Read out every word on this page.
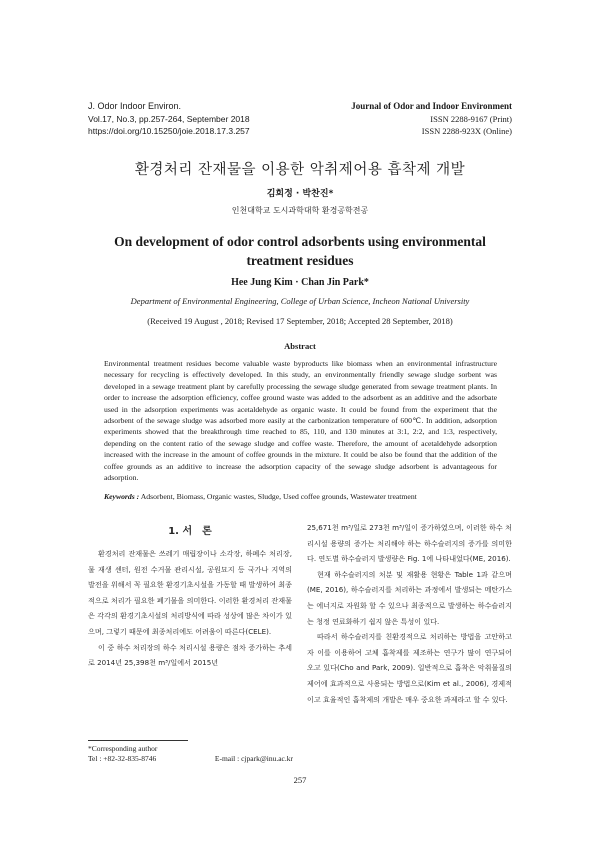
J. Odor Indoor Environ.
Vol.17, No.3, pp.257-264, September 2018
https://doi.org/10.15250/joie.2018.17.3.257
Journal of Odor and Indoor Environment
ISSN 2288-9167 (Print)
ISSN 2288-923X (Online)
환경처리 잔재물을 이용한 악취제어용 흡착제 개발
김희정 · 박찬진*
인천대학교 도시과학대학 환경공학전공
On development of odor control adsorbents using environmental treatment residues
Hee Jung Kim · Chan Jin Park*
Department of Environmental Engineering, College of Urban Science, Incheon National University
(Received 19 August , 2018; Revised 17 September, 2018; Accepted 28 September, 2018)
Abstract
Environmental treatment residues become valuable waste byproducts like biomass when an environmental infrastructure necessary for recycling is effectively developed. In this study, an environmentally friendly sewage sludge sorbent was developed in a sewage treatment plant by carefully processing the sewage sludge generated from sewage treatment plants. In order to increase the adsorption efficiency, coffee ground waste was added to the adsorbent as an additive and the adsorbate used in the adsorption experiments was acetaldehyde as organic waste. It could be found from the experiment that the adsorbent of the sewage sludge was adsorbed more easily at the carbonization temperature of 600℃. In addition, adsorption experiments showed that the breakthrough time reached to 85, 110, and 130 minutes at 3:1, 2:2, and 1:3, respectively, depending on the content ratio of the sewage sludge and coffee waste. Therefore, the amount of acetaldehyde adsorption increased with the increase in the amount of coffee grounds in the mixture. It could be also be found that the addition of the coffee grounds as an additive to increase the adsorption capacity of the sewage sludge adsorbent is advantageous for adsorption.
Keywords : Adsorbent, Biomass, Organic wastes, Sludge, Used coffee grounds, Wastewater treatment
1. 서　론

환경처리 잔재물은 쓰레기 매립장이나 소각장, 하폐수 처리장, 물 재생 센터, 원전 수거물 관리시설, 공원묘지 등 국가나 지역의 발전을 위해서 꼭 필요한 환경기초시설을 가동할 때 발생하여 최종적으로 처리가 필요한 폐기물을 의미한다. 이러한 환경처리 잔재물은 각각의 환경기초시설의 처리방식에 따라 성상에 많은 차이가 있으며, 그렇기 때문에 최종처리에도 어려움이 따른다(CELE).

이 중 하수 처리장의 하수 처리시설 용량은 점차 증가하는 추세로 2014년 25,398천 m³/일에서 2015년

25,671천 m³/일로 273천 m³/일이 증가하였으며, 이러한 하수 처리시설 용량의 증가는 처리해야 하는 하수슬러지의 증가를 의미한다. 연도별 하수슬러지 발생량은 Fig. 1에 나타내었다(ME, 2016).

현재 하수슬러지의 처분 및 재활용 현황은 Table 1과 같으며(ME, 2016), 하수슬러지를 처리하는 과정에서 발생되는 메탄가스는 에너지로 자원화 할 수 있으나 최종적으로 발생하는 하수슬러지는 청정 연료화하기 쉽지 않은 특성이 있다.

따라서 하수슬러지를 친환경적으로 처리하는 방법을 고안하고자 이를 이용하여 고체 흡착제를 제조하는 연구가 많이 연구되어 오고 있다(Cho and Park, 2009). 일반적으로 흡착은 악취물질의 제어에 효과적으로 사용되는 방법으로(Kim et al., 2006), 경제적이고 효율적인 흡착제의 개발은 매우 중요한 과제라고 할 수 있다.

*Corresponding author
Tel : +82-32-835-8746	E-mail : cjpark@inu.ac.kr
257
